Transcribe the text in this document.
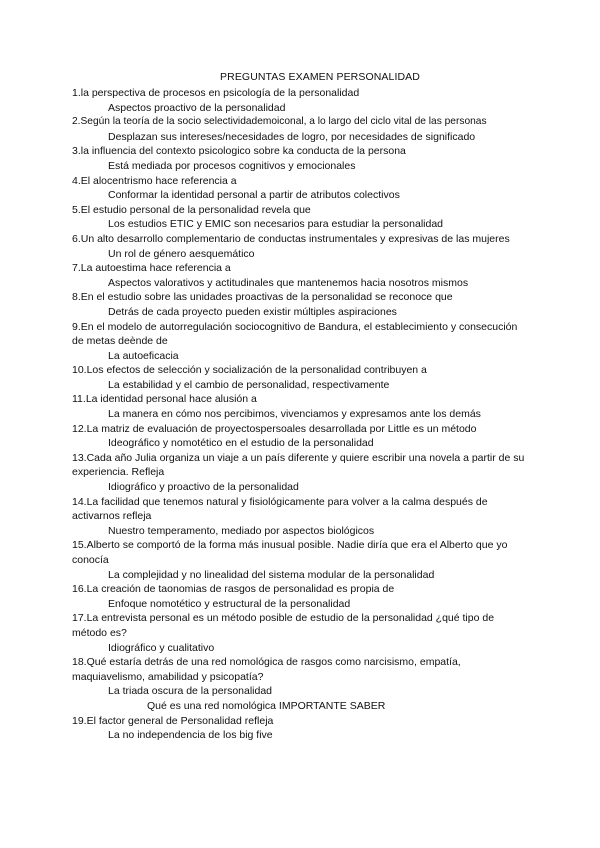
PREGUNTAS EXAMEN PERSONALIDAD

1.la perspectiva de procesos en psicología de la personalidad

Aspectos proactivo de la personalidad

2.Según la teoría de la socio selectividademoiconal, a lo largo del ciclo vital de las personas

Desplazan sus intereses/necesidades de logro, por necesidades de significado

3.la influencia del contexto psicologico sobre ka conducta de la persona

Está mediada por procesos cognitivos y emocionales

4.El alocentrismo hace referencia a

Conformar la identidad personal a partir de atributos colectivos

5.El estudio personal de la personalidad revela que

Los estudios ETIC y EMIC son necesarios para estudiar la personalidad

6.Un alto desarrollo complementario de conductas instrumentales y expresivas de las mujeres

Un rol de género aesquemático

7.La autoestima hace referencia a

Aspectos valorativos y actitudinales que mantenemos hacia nosotros mismos

8.En el estudio sobre las unidades proactivas de la personalidad se reconoce que

Detrás de cada proyecto pueden existir múltiples aspiraciones

9.En el modelo de autorregulación sociocognitivo de Bandura, el establecimiento y consecución de metas deènde de

La autoeficacia

10.Los efectos de selección y socialización de la personalidad contribuyen a

La estabilidad y el cambio de personalidad, respectivamente

11.La identidad personal hace alusión a

La manera en cómo nos percibimos, vivenciamos y expresamos ante los demás

12.La matriz de evaluación de proyectospersoales desarrollada por Little es un método

Ideográfico y nomotético en el estudio de la personalidad

13.Cada año Julia organiza un viaje a un país diferente y quiere escribir una novela a partir de su experiencia. Refleja

Idiográfico y proactivo de la personalidad

14.La facilidad que tenemos natural y fisiológicamente para volver a la calma después de activarnos refleja

Nuestro temperamento, mediado por aspectos biológicos

15.Alberto se comportó de la forma más inusual posible. Nadie diría que era el Alberto que yo conocía

La complejidad y no linealidad del sistema modular de la personalidad

16.La creación de taonomias de rasgos de personalidad es propia de

Enfoque nomotético y estructural de la personalidad

17.La entrevista personal es un método posible de estudio de la personalidad ¿qué tipo de método es?

Idiográfico y cualitativo

18.Qué estaría detrás de una red nomológica de rasgos como narcisismo, empatía, maquiavelismo, amabilidad y psicopatía?

La triada oscura de la personalidad

Qué es una red nomológica IMPORTANTE SABER

19.El factor general de Personalidad refleja

La no independencia de los big five
